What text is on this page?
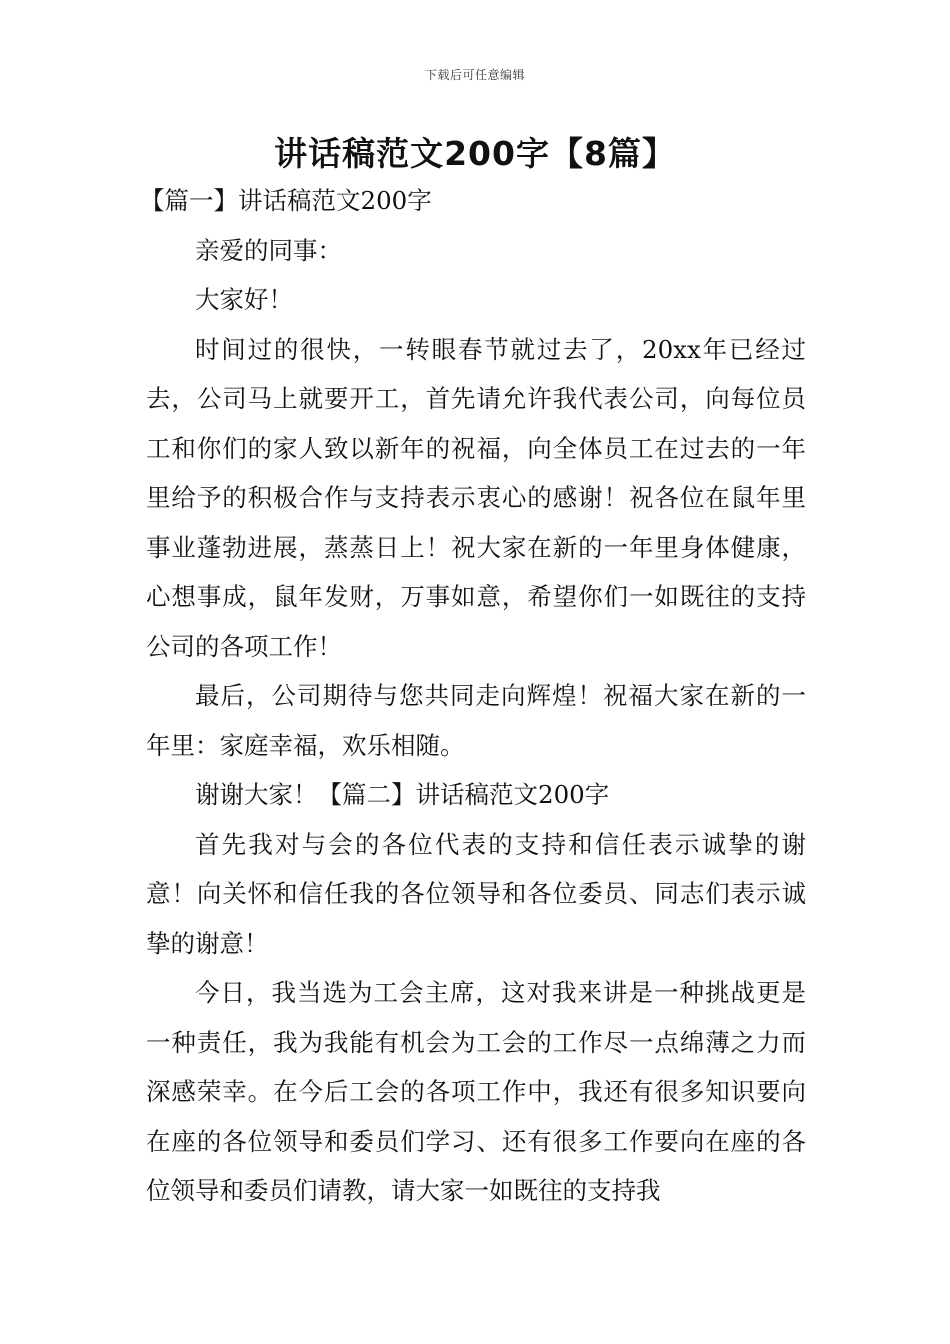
下载后可任意编辑
讲话稿范文200字【8篇】

【篇一】讲话稿范文200字

亲爱的同事：

大家好！

时间过的很快，一转眼春节就过去了，20xx年已经过去，公司马上就要开工，首先请允许我代表公司，向每位员工和你们的家人致以新年的祝福，向全体员工在过去的一年里给予的积极合作与支持表示衷心的感谢！祝各位在鼠年里事业蓬勃进展，蒸蒸日上！祝大家在新的一年里身体健康，心想事成，鼠年发财，万事如意，希望你们一如既往的支持公司的各项工作！

最后，公司期待与您共同走向辉煌！祝福大家在新的一年里：家庭幸福，欢乐相随。

谢谢大家！【篇二】讲话稿范文200字

首先我对与会的各位代表的支持和信任表示诚挚的谢意！向关怀和信任我的各位领导和各位委员、同志们表示诚挚的谢意！

今日，我当选为工会主席，这对我来讲是一种挑战更是一种责任，我为我能有机会为工会的工作尽一点绵薄之力而深感荣幸。在今后工会的各项工作中，我还有很多知识要向在座的各位领导和委员们学习、还有很多工作要向在座的各位领导和委员们请教，请大家一如既往的支持我
